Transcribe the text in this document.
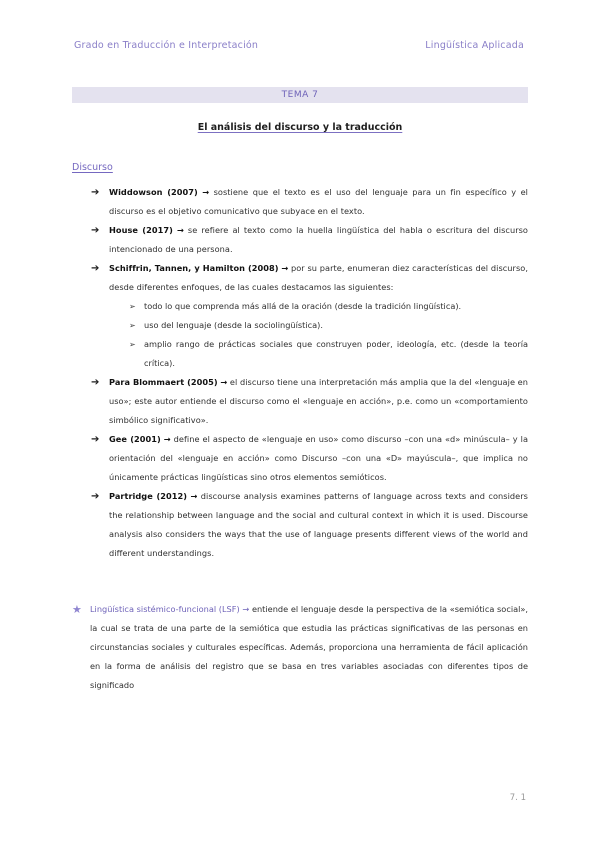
Grado en Traducción e Interpretación	Lingüística Aplicada
TEMA 7
El análisis del discurso y la traducción
Discurso
➔ Widdowson (2007) → sostiene que el texto es el uso del lenguaje para un fin específico y el discurso es el objetivo comunicativo que subyace en el texto.
➔ House (2017) → se refiere al texto como la huella lingüística del habla o escritura del discurso intencionado de una persona.
➔ Schiffrin, Tannen, y Hamilton (2008) → por su parte, enumeran diez características del discurso, desde diferentes enfoques, de las cuales destacamos las siguientes:
➢ todo lo que comprenda más allá de la oración (desde la tradición lingüística).
➢ uso del lenguaje (desde la sociolingüística).
➢ amplio rango de prácticas sociales que construyen poder, ideología, etc. (desde la teoría crítica).
➔ Para Blommaert (2005) → el discurso tiene una interpretación más amplia que la del «lenguaje en uso»; este autor entiende el discurso como el «lenguaje en acción», p.e. como un «comportamiento simbólico significativo».
➔ Gee (2001) → define el aspecto de «lenguaje en uso» como discurso –con una «d» minúscula– y la orientación del «lenguaje en acción» como Discurso –con una «D» mayúscula–, que implica no únicamente prácticas lingüísticas sino otros elementos semióticos.
➔ Partridge (2012) → discourse analysis examines patterns of language across texts and considers the relationship between language and the social and cultural context in which it is used. Discourse analysis also considers the ways that the use of language presents different views of the world and different understandings.
★ Lingüística sistémico-funcional (LSF) → entiende el lenguaje desde la perspectiva de la «semiótica social», la cual se trata de una parte de la semiótica que estudia las prácticas significativas de las personas en circunstancias sociales y culturales específicas. Además, proporciona una herramienta de fácil aplicación en la forma de análisis del registro que se basa en tres variables asociadas con diferentes tipos de significado
7. 1
